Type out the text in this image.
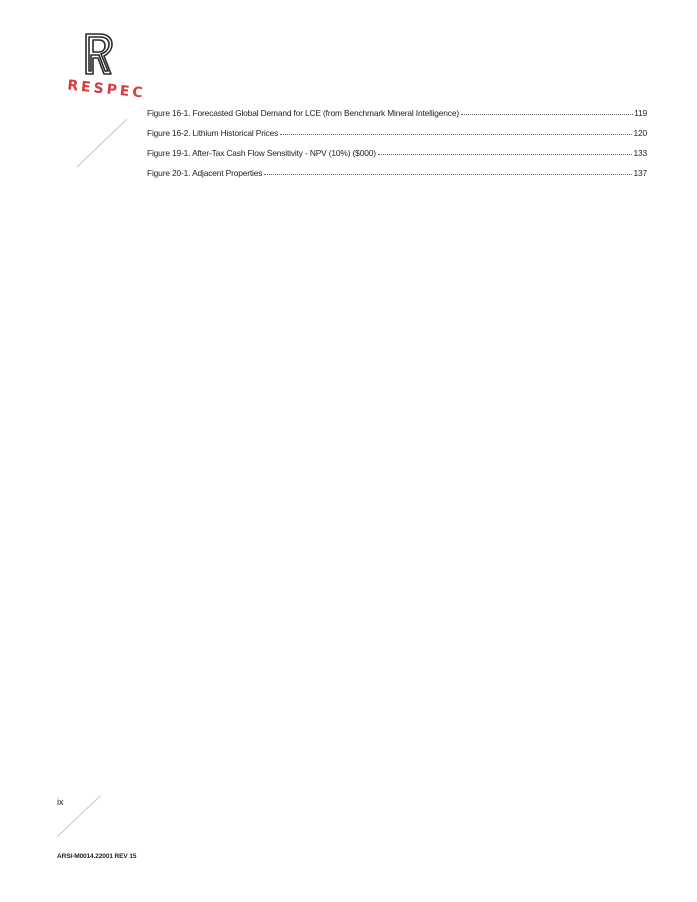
RESPEC
Figure 16-1. Forecasted Global Demand for LCE (from Benchmark Mineral Intelligence)	119
Figure 16-2. Lithium Historical Prices	120
Figure 19-1. After-Tax Cash Flow Sensitivity - NPV (10%) ($000)	133
Figure 20-1. Adjacent Properties	137
ix
ARSI-M0014.22001 REV 15
